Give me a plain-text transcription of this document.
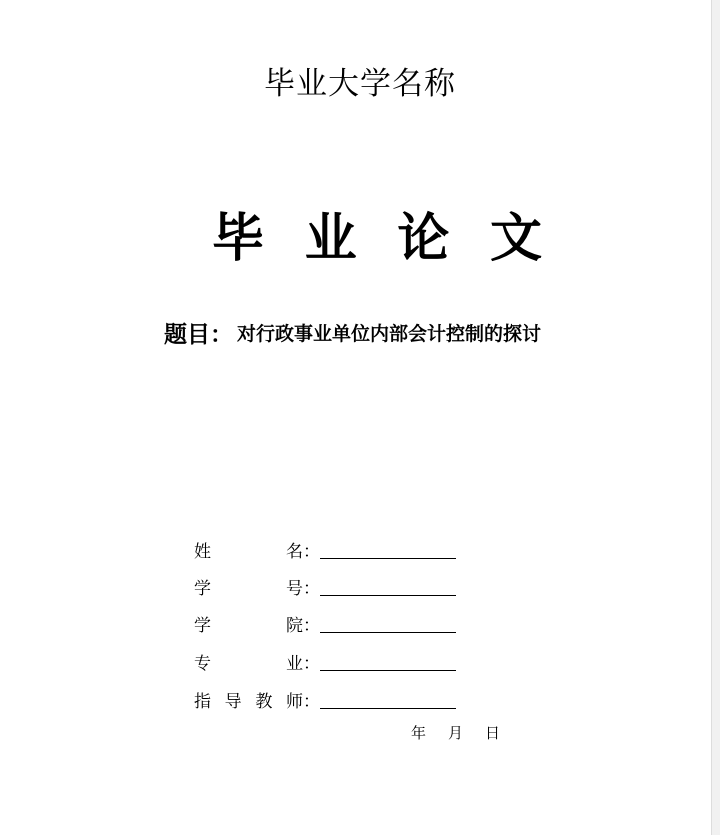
毕业大学名称
毕 业 论 文
题目： 对行政事业单位内部会计控制的探讨
姓	名：
学	号：
学	院：
专	业：
指 导 教 师：
年 月 日
